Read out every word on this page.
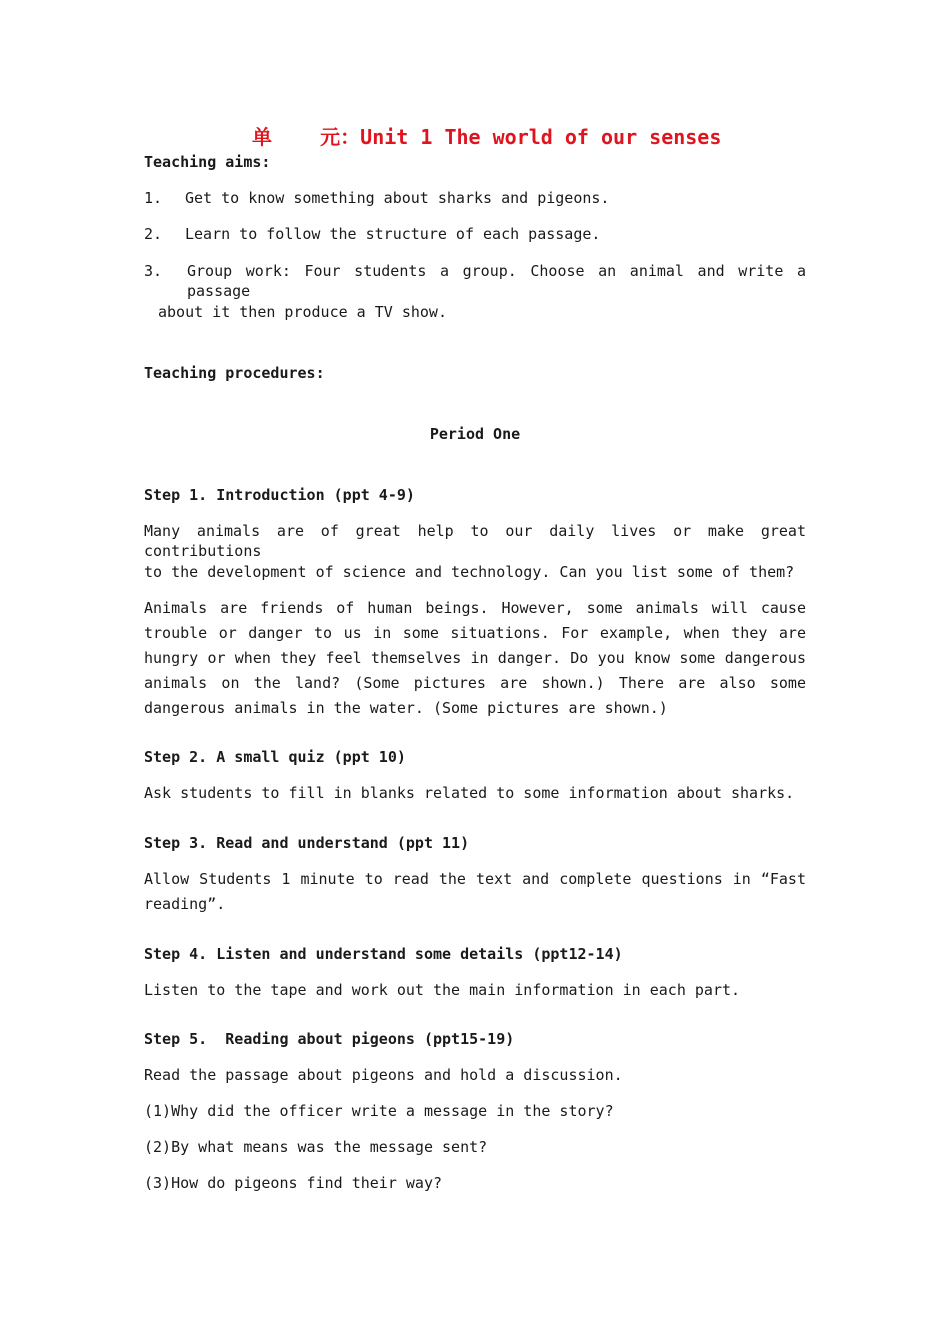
单    元：Unit 1 The world of our senses
Teaching aims:
1. Get to know something about sharks and pigeons.
2. Learn to follow the structure of each passage.
3. Group work: Four students a group. Choose an animal and write a passage
about it then produce a TV show.
Teaching procedures:
Period One
Step 1. Introduction (ppt 4-9)
Many animals are of great help to our daily lives or make great contributions
to the development of science and technology. Can you list some of them?
Animals are friends of human beings. However, some animals will cause trouble or danger to us in some situations. For example, when they are hungry or when they feel themselves in danger. Do you know some dangerous animals on the land? (Some pictures are shown.) There are also some dangerous animals in the water. (Some pictures are shown.)
Step 2. A small quiz (ppt 10)
Ask students to fill in blanks related to some information about sharks.
Step 3. Read and understand (ppt 11)
Allow Students 1 minute to read the text and complete questions in “Fast
reading”.
Step 4. Listen and understand some details (ppt12-14)
Listen to the tape and work out the main information in each part.
Step 5.  Reading about pigeons (ppt15-19)
Read the passage about pigeons and hold a discussion.
(1)Why did the officer write a message in the story?
(2)By what means was the message sent?
(3)How do pigeons find their way?
